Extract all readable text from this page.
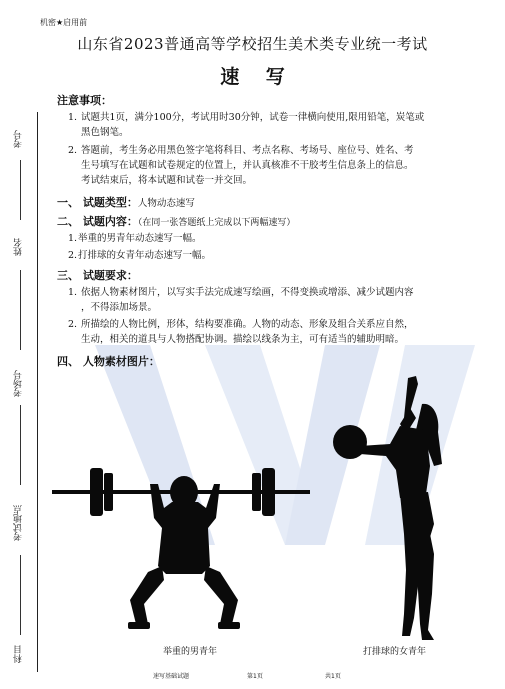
机密★启用前
山东省2023普通高等学校招生美术类专业统一考试
速 写
考号
姓名
考场号
考试地点
科目
注意事项：
1. 试题共1页，满分100分，考试用时30分钟，试卷一律横向使用,限用铅笔，炭笔或
黑色钢笔。
2. 答题前，考生务必用黑色签字笔将科目、考点名称、考场号、座位号、姓名、考
生号填写在试题和试卷规定的位置上，并认真核准不干胶考生信息条上的信息。
考试结束后，将本试题和试卷一并交回。
一、 试题类型：人物动态速写
二、 试题内容：（在同一张答题纸上完成以下两幅速写）
1. 举重的男青年动态速写一幅。
2. 打排球的女青年动态速写一幅。
三、 试题要求：
1. 依据人物素材图片，以写实手法完成速写绘画，不得变换或增添、减少试题内容
，不得添加场景。
2. 所描绘的人物比例，形体，结构要准确。人物的动态、形象及组合关系应自然，
生动，相关的道具与人物搭配协调。描绘以线条为主，可有适当的辅助明暗。
四、 人物素材图片：
举重的男青年	打排球的女青年
速写基础试题	第1页	共1页
